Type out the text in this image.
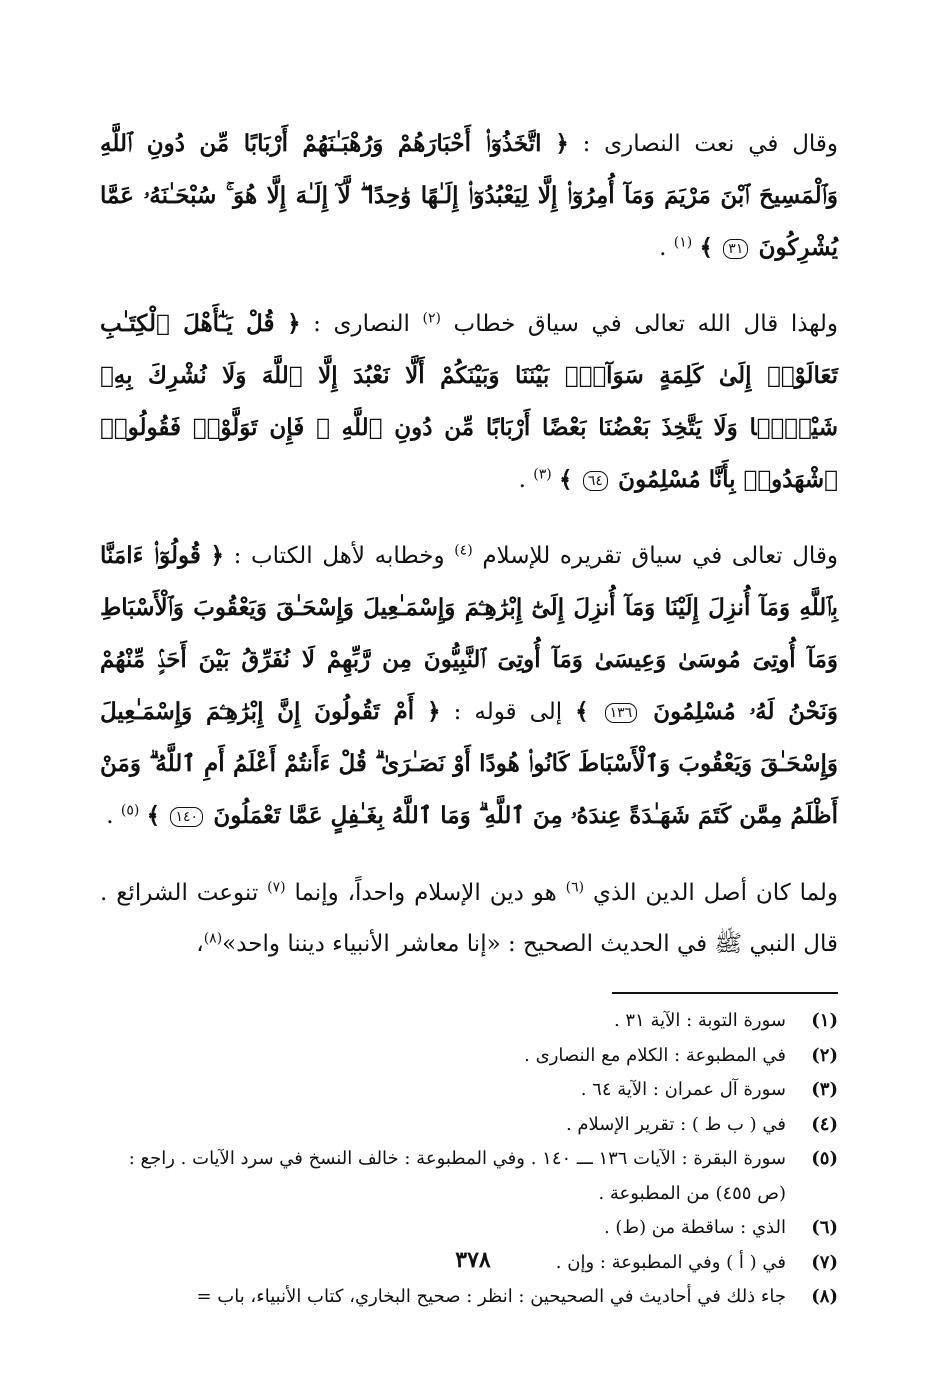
وقال في نعت النصارى : ﴿ اتَّخَذُوٓا۟ أَحْبَارَهُمْ وَرُهْبَـٰنَهُمْ أَرْبَابًا مِّن دُونِ ٱللَّهِ وَٱلْمَسِيحَ ٱبْنَ مَرْيَمَ وَمَآ أُمِرُوٓا۟ إِلَّا لِيَعْبُدُوٓا۟ إِلَـٰهًا وَٰحِدًا ۖ لَّآ إِلَـٰهَ إِلَّا هُوَ ۚ سُبْحَـٰنَهُۥ عَمَّا يُشْرِكُونَ ٣١ ﴾ $^{(١)}$ .

ولهذا قال الله تعالى في سياق خطاب $^{(٢)}$ النصارى : ﴿ قُلْ يَـٰٓأَهْلَ ٱلْكِتَـٰبِ تَعَالَوْا۟ إِلَىٰ كَلِمَةٍ سَوَآءٍۭ بَيْنَنَا وَبَيْنَكُمْ أَلَّا نَعْبُدَ إِلَّا ٱللَّهَ وَلَا نُشْرِكَ بِهِۦ شَيْـًۭٔا وَلَا يَتَّخِذَ بَعْضُنَا بَعْضًا أَرْبَابًا مِّن دُونِ ٱللَّهِ ۚ فَإِن تَوَلَّوْا۟ فَقُولُوا۟ ٱشْهَدُوا۟ بِأَنَّا مُسْلِمُونَ ٦٤ ﴾ $^{(٣)}$ .

وقال تعالى في سياق تقريره للإسلام $^{(٤)}$ وخطابه لأهل الكتاب : ﴿ قُولُوٓا۟ ءَامَنَّا بِٱللَّهِ وَمَآ أُنزِلَ إِلَيْنَا وَمَآ أُنزِلَ إِلَىٰٓ إِبْرَٰهِـۧمَ وَإِسْمَـٰعِيلَ وَإِسْحَـٰقَ وَيَعْقُوبَ وَٱلْأَسْبَاطِ وَمَآ أُوتِىَ مُوسَىٰ وَعِيسَىٰ وَمَآ أُوتِىَ ٱلنَّبِيُّونَ مِن رَّبِّهِمْ لَا نُفَرِّقُ بَيْنَ أَحَدٍۢ مِّنْهُمْ وَنَحْنُ لَهُۥ مُسْلِمُونَ ١٣٦ ﴾ إلى قوله : ﴿ أَمْ تَقُولُونَ إِنَّ إِبْرَٰهِـۧمَ وَإِسْمَـٰعِيلَ وَإِسْحَـٰقَ وَيَعْقُوبَ وَٱلْأَسْبَاطَ كَانُوا۟ هُودًا أَوْ نَصَـٰرَىٰ ۗ قُلْ ءَأَنتُمْ أَعْلَمُ أَمِ ٱللَّهُ ۗ وَمَنْ أَظْلَمُ مِمَّن كَتَمَ شَهَـٰدَةً عِندَهُۥ مِنَ ٱللَّهِ ۗ وَمَا ٱللَّهُ بِغَـٰفِلٍ عَمَّا تَعْمَلُونَ ١٤٠ ﴾ $^{(٥)}$ .

ولما كان أصل الدين الذي $^{(٦)}$ هو دين الإسلام واحداً، وإنما $^{(٧)}$ تنوعت الشرائع . قال النبي ﷺ في الحديث الصحيح : «إنا معاشر الأنبياء ديننا واحد»$^{(٨)}$،

(١)
سورة التوبة : الآية ٣١ .
(٢)
في المطبوعة : الكلام مع النصارى .
(٣)
سورة آل عمران : الآية ٦٤ .
(٤)
في ( ب ط ) : تقرير الإسلام .
(٥)
سورة البقرة : الآيات ١٣٦ ـــ ١٤٠ . وفي المطبوعة : خالف النسخ في سرد الآيات . راجع : (ص ٤٥٥) من المطبوعة .
(٦)
الذي : ساقطة من (ط) .
(٧)
في ( أ ) وفي المطبوعة : وإن .
(٨)
جاء ذلك في أحاديث في الصحيحين : انظر : صحيح البخاري، كتاب الأنبياء، باب =
٣٧٨
